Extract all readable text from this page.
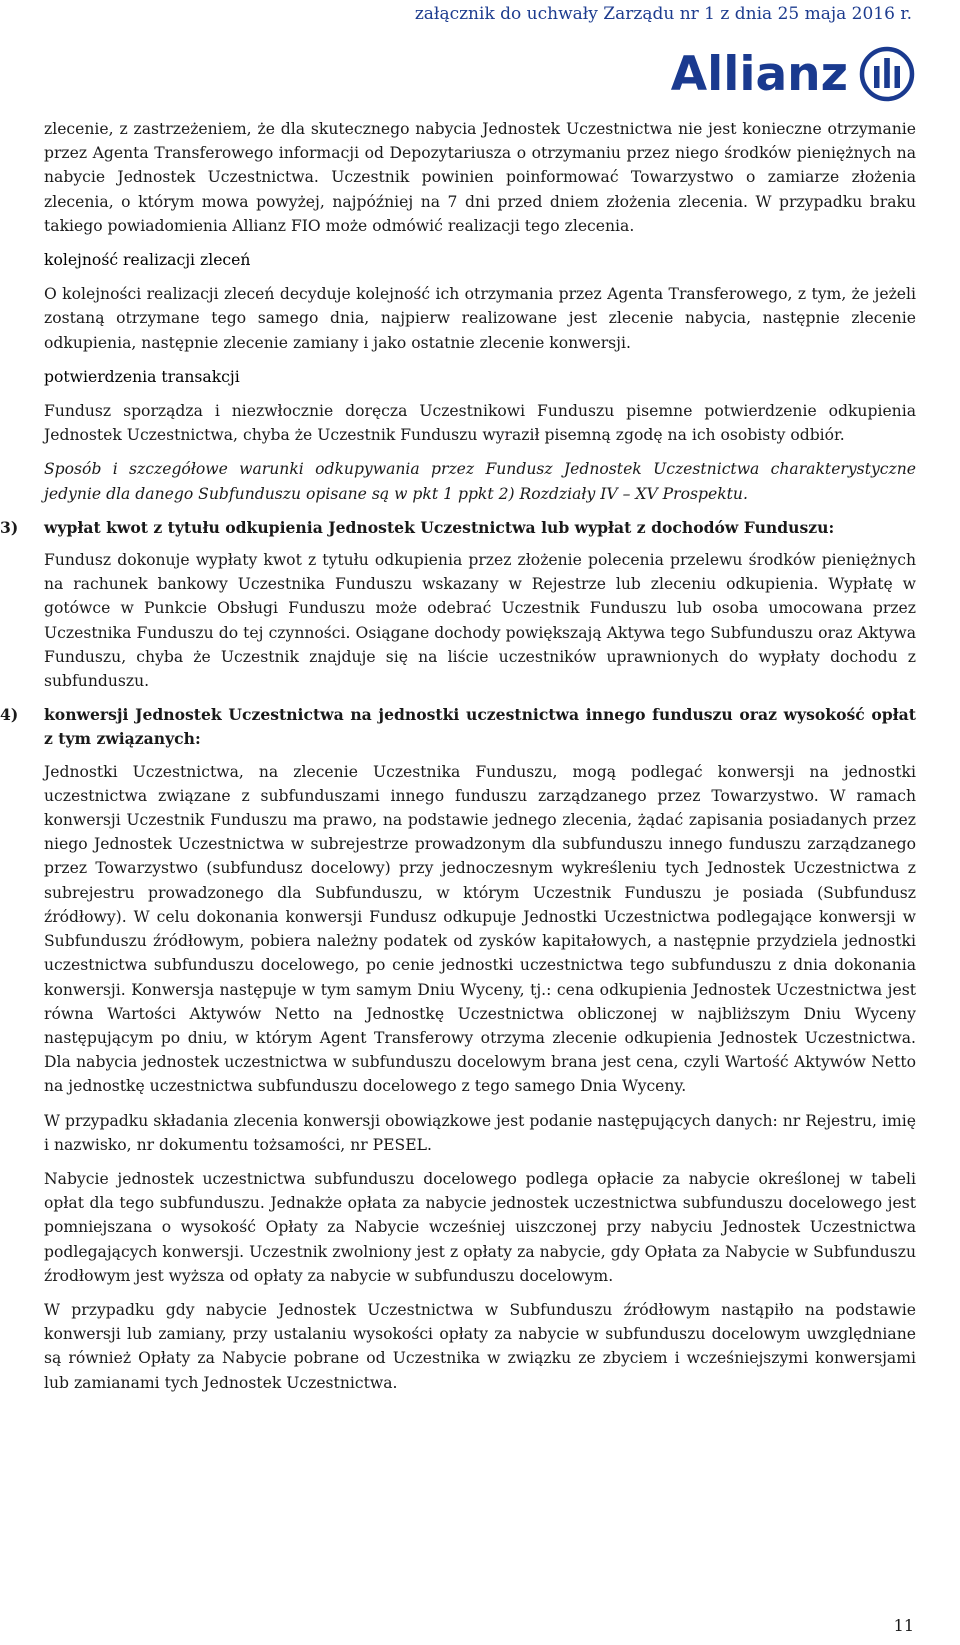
załącznik do uchwały Zarządu nr 1 z dnia 25 maja 2016 r.
Allianz

zlecenie, z zastrzeżeniem, że dla skutecznego nabycia Jednostek Uczestnictwa nie jest konieczne otrzymanie przez Agenta Transferowego informacji od Depozytariusza o otrzymaniu przez niego środków pieniężnych na nabycie Jednostek Uczestnictwa. Uczestnik powinien poinformować Towarzystwo o zamiarze złożenia zlecenia, o którym mowa powyżej, najpóźniej na 7 dni przed dniem złożenia zlecenia. W przypadku braku takiego powiadomienia Allianz FIO może odmówić realizacji tego zlecenia.

kolejność realizacji zleceń

O kolejności realizacji zleceń decyduje kolejność ich otrzymania przez Agenta Transferowego, z tym, że jeżeli zostaną otrzymane tego samego dnia, najpierw realizowane jest zlecenie nabycia, następnie zlecenie odkupienia, następnie zlecenie zamiany i jako ostatnie zlecenie konwersji.

potwierdzenia transakcji

Fundusz sporządza i niezwłocznie doręcza Uczestnikowi Funduszu pisemne potwierdzenie odkupienia Jednostek Uczestnictwa, chyba że Uczestnik Funduszu wyraził pisemną zgodę na ich osobisty odbiór.

Sposób i szczegółowe warunki odkupywania przez Fundusz Jednostek Uczestnictwa charakterystyczne jedynie dla danego Subfunduszu opisane są w pkt 1 ppkt 2) Rozdziały IV – XV Prospektu.

3) wypłat kwot z tytułu odkupienia Jednostek Uczestnictwa lub wypłat z dochodów Funduszu:

Fundusz dokonuje wypłaty kwot z tytułu odkupienia przez złożenie polecenia przelewu środków pieniężnych na rachunek bankowy Uczestnika Funduszu wskazany w Rejestrze lub zleceniu odkupienia. Wypłatę w gotówce w Punkcie Obsługi Funduszu może odebrać Uczestnik Funduszu lub osoba umocowana przez Uczestnika Funduszu do tej czynności. Osiągane dochody powiększają Aktywa tego Subfunduszu oraz Aktywa Funduszu, chyba że Uczestnik znajduje się na liście uczestników uprawnionych do wypłaty dochodu z subfunduszu.

4) konwersji Jednostek Uczestnictwa na jednostki uczestnictwa innego funduszu oraz wysokość opłat z tym związanych:

Jednostki Uczestnictwa, na zlecenie Uczestnika Funduszu, mogą podlegać konwersji na jednostki uczestnictwa związane z subfunduszami innego funduszu zarządzanego przez Towarzystwo. W ramach konwersji Uczestnik Funduszu ma prawo, na podstawie jednego zlecenia, żądać zapisania posiadanych przez niego Jednostek Uczestnictwa w subrejestrze prowadzonym dla subfunduszu innego funduszu zarządzanego przez Towarzystwo (subfundusz docelowy) przy jednoczesnym wykreśleniu tych Jednostek Uczestnictwa z subrejestru prowadzonego dla Subfunduszu, w którym Uczestnik Funduszu je posiada (Subfundusz źródłowy). W celu dokonania konwersji Fundusz odkupuje Jednostki Uczestnictwa podlegające konwersji w Subfunduszu źródłowym, pobiera należny podatek od zysków kapitałowych, a następnie przydziela jednostki uczestnictwa subfunduszu docelowego, po cenie jednostki uczestnictwa tego subfunduszu z dnia dokonania konwersji. Konwersja następuje w tym samym Dniu Wyceny, tj.: cena odkupienia Jednostek Uczestnictwa jest równa Wartości Aktywów Netto na Jednostkę Uczestnictwa obliczonej w najbliższym Dniu Wyceny następującym po dniu, w którym Agent Transferowy otrzyma zlecenie odkupienia Jednostek Uczestnictwa. Dla nabycia jednostek uczestnictwa w subfunduszu docelowym brana jest cena, czyli Wartość Aktywów Netto na jednostkę uczestnictwa subfunduszu docelowego z tego samego Dnia Wyceny.

W przypadku składania zlecenia konwersji obowiązkowe jest podanie następujących danych: nr Rejestru, imię i nazwisko, nr dokumentu tożsamości, nr PESEL.

Nabycie jednostek uczestnictwa subfunduszu docelowego podlega opłacie za nabycie określonej w tabeli opłat dla tego subfunduszu. Jednakże opłata za nabycie jednostek uczestnictwa subfunduszu docelowego jest pomniejszana o wysokość Opłaty za Nabycie wcześniej uiszczonej przy nabyciu Jednostek Uczestnictwa podlegających konwersji. Uczestnik zwolniony jest z opłaty za nabycie, gdy Opłata za Nabycie w Subfunduszu źrodłowym jest wyższa od opłaty za nabycie w subfunduszu docelowym.

W przypadku gdy nabycie Jednostek Uczestnictwa w Subfunduszu źródłowym nastąpiło na podstawie konwersji lub zamiany, przy ustalaniu wysokości opłaty za nabycie w subfunduszu docelowym uwzględniane są również Opłaty za Nabycie pobrane od Uczestnika w związku ze zbyciem i wcześniejszymi konwersjami lub zamianami tych Jednostek Uczestnictwa.

11
